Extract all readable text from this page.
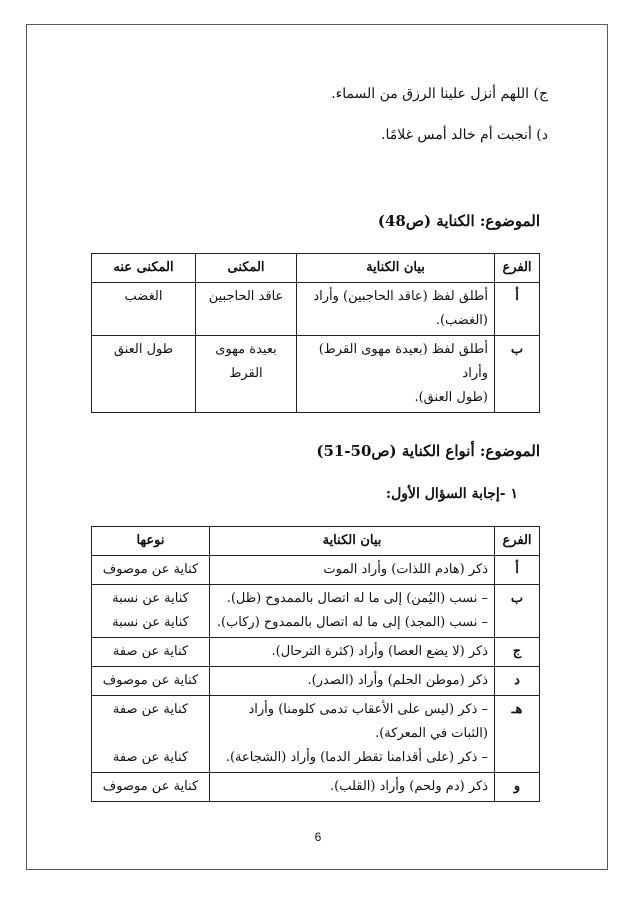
ج) اللهم أنزل علينا الرزق من السماء.
د) أنجبت أم خالد أمس غلامًا.
الموضوع: الكناية (ص48)
الفرع	بيان الكناية	المكنى	المكنى عنه
أ	أطلق لفظ (عاقد الحاجبين) وأراد
(الغضب).	عاقد الحاجبين	الغضب
ب	أطلق لفظ (بعيدة مهوى القرط) وأراد
(طول العنق).	بعيدة مهوى
القرط	طول العنق
الموضوع: أنواع الكناية (ص50-51)
١ -إجابة السؤال الأول:
الفرع	بيان الكناية	نوعها
أ	ذكر (هادم اللذات) وأراد الموت	كناية عن موصوف
ب	– نسب (اليُمن) إلى ما له اتصال بالممدوح (ظل).
– نسب (المجد) إلى ما له اتصال بالممدوح (ركاب).	كناية عن نسبة
كناية عن نسبة

ج	ذكر (لا يضع العصا) وأراد (كثرة الترحال).	كناية عن صفة
د	ذكر (موطن الحلم) وأراد (الصدر).	كناية عن موصوف
هـ	– ذكر (ليس على الأعقاب تدمى كلومنا) وأراد
(الثبات في المعركة).
– ذكر (على أقدامنا تقطر الدما) وأراد (الشجاعة).	كناية عن صفة

كناية عن صفة

و	ذكر (دم ولحم) وأراد (القلب).	كناية عن موصوف
6
